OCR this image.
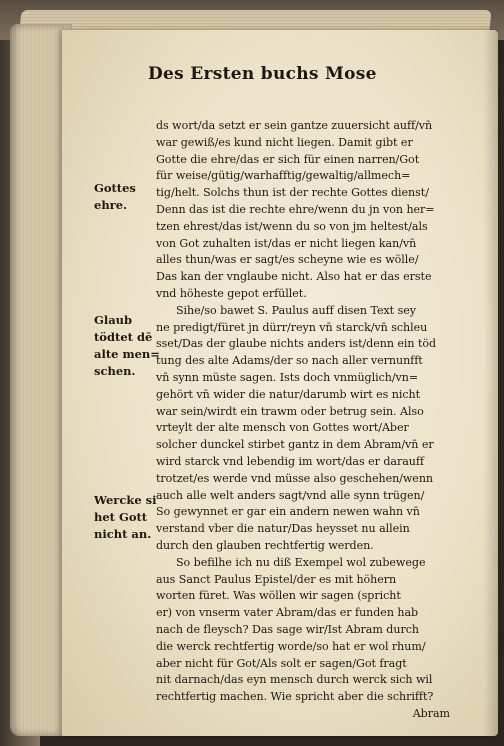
Des Ersten buchs Mose
Gottes
ehre.
Glaub
tödtet dē
alte men=
schen.
Wercke si
het Gott
nicht an.
ds wort/da setzt er sein gantze zuuersicht auff/vn̄
war gewiß/es kund nicht liegen. Damit gibt er
Gotte die ehre/das er sich für einen narren/Got
für weise/gütig/warhafftig/gewaltig/allmech=
tig/helt. Solchs thun ist der rechte Gottes dienst/
Denn das ist die rechte ehre/wenn du jn von her=
tzen ehrest/das ist/wenn du so von jm heltest/als
von Got zuhalten ist/das er nicht liegen kan/vn̄
alles thun/was er sagt/es scheyne wie es wölle/
Das kan der vnglaube nicht. Also hat er das erste
vnd höheste gepot erfüllet.
Sihe/so bawet S. Paulus auff disen Text sey
ne predigt/füret jn dürr/reyn vn̄ starck/vn̄ schleu
sset/Das der glaube nichts anders ist/denn ein töd
tung des alte Adams/der so nach aller vernunfft
vn̄ synn müste sagen. Ists doch vnmüglich/vn=
gehört vn̄ wider die natur/darumb wirt es nicht
war sein/wirdt ein trawm oder betrug sein. Also
vrteylt der alte mensch von Gottes wort/Aber
solcher dunckel stirbet gantz in dem Abram/vn̄ er
wird starck vnd lebendig im wort/das er darauff
trotzet/es werde vnd müsse also geschehen/wenn
auch alle welt anders sagt/vnd alle synn trügen/
So gewynnet er gar ein andern newen wahn vn̄
verstand vber die natur/Das heysset nu allein
durch den glauben rechtfertig werden.
So befilhe ich nu diß Exempel wol zubewege
aus Sanct Paulus Epistel/der es mit höhern
worten füret. Was wöllen wir sagen (spricht
er) von vnserm vater Abram/das er funden hab
nach de fleysch? Das sage wir/Ist Abram durch
die werck rechtfertig worde/so hat er wol rhum/
aber nicht für Got/Als solt er sagen/Got fragt
nit darnach/das eyn mensch durch werck sich wil
rechtfertig machen. Wie spricht aber die schrifft?
Abram
